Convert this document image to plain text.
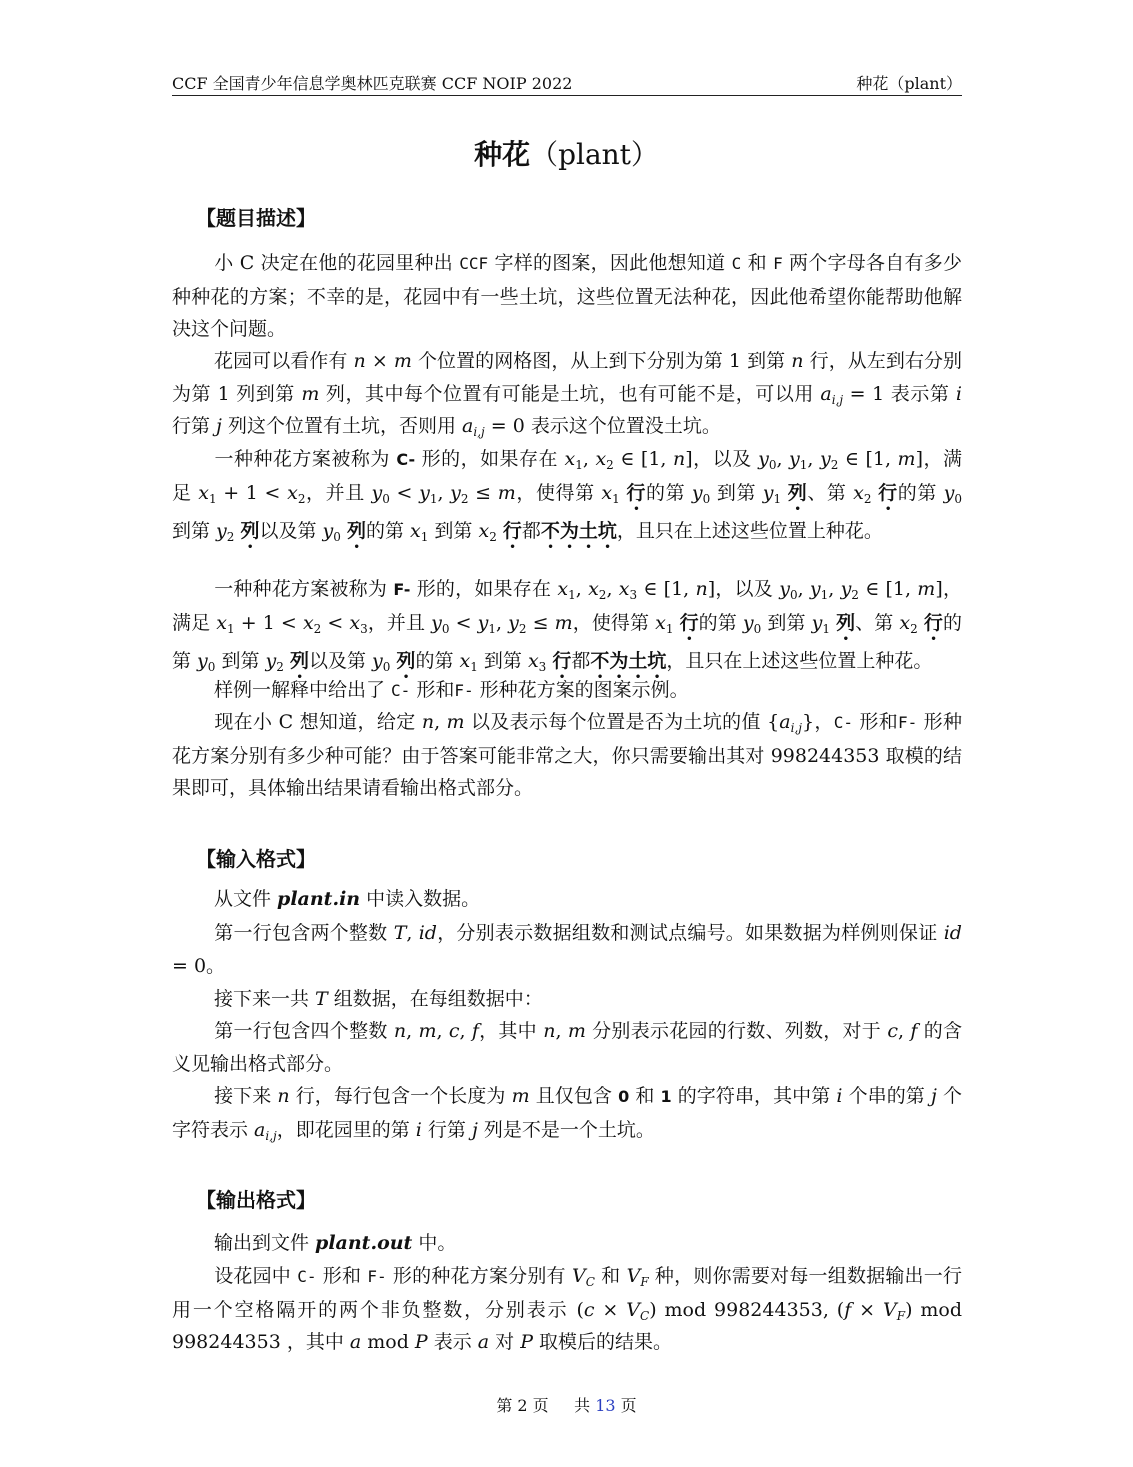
CCF 全国青少年信息学奥林匹克联赛 CCF NOIP 2022	种花（plant）
种花（plant）
【题目描述】
小 C 决定在他的花园里种出 CCF 字样的图案，因此他想知道 C 和 F 两个字母各自有多少种种花的方案；不幸的是，花园中有一些土坑，这些位置无法种花，因此他希望你能帮助他解决这个问题。
花园可以看作有 n × m 个位置的网格图，从上到下分别为第 1 到第 n 行，从左到右分别为第 1 列到第 m 列，其中每个位置有可能是土坑，也有可能不是，可以用 $a_{i,j} = 1$ 表示第 i 行第 j 列这个位置有土坑，否则用 $a_{i,j} = 0$ 表示这个位置没土坑。
一种种花方案被称为 C- 形的，如果存在 $x_1$, $x_2$ ∈ [1, n]，以及 $y_0$, $y_1$, $y_2$ ∈ [1, m]，满足 $x_1 + 1 < x_2$，并且 $y_0 < y_1$, $y_2 \le m$，使得第 $x_1$ 行的第 $y_0$ 到第 $y_1$ 列、第 $x_2$ 行的第 $y_0$ 到第 $y_2$ 列以及第 $y_0$ 列的第 $x_1$ 到第 $x_2$ 行都不为土坑，且只在上述这些位置上种花。
一种种花方案被称为 F- 形的，如果存在 $x_1$, $x_2$, $x_3$ ∈ [1, n]，以及 $y_0$, $y_1$, $y_2$ ∈ [1, m]，满足 $x_1 + 1 < x_2 < x_3$，并且 $y_0 < y_1$, $y_2 \le m$，使得第 $x_1$ 行的第 $y_0$ 到第 $y_1$ 列、第 $x_2$ 行的第 $y_0$ 到第 $y_2$ 列以及第 $y_0$ 列的第 $x_1$ 到第 $x_3$ 行都不为土坑，且只在上述这些位置上种花。
样例一解释中给出了 C- 形和F- 形种花方案的图案示例。
现在小 C 想知道，给定 n, m 以及表示每个位置是否为土坑的值 $\{a_{i,j}\}$，C- 形和F- 形种花方案分别有多少种可能？由于答案可能非常之大，你只需要输出其对 998244353 取模的结果即可，具体输出结果请看输出格式部分。
【输入格式】
从文件 plant.in 中读入数据。
第一行包含两个整数 T, id，分别表示数据组数和测试点编号。如果数据为样例则保证 id = 0。
接下来一共 T 组数据，在每组数据中：
第一行包含四个整数 n, m, c, f，其中 n, m 分别表示花园的行数、列数，对于 c, f 的含义见输出格式部分。
接下来 n 行，每行包含一个长度为 m 且仅包含 0 和 1 的字符串，其中第 i 个串的第 j 个字符表示 $a_{i,j}$，即花园里的第 i 行第 j 列是不是一个土坑。
【输出格式】
输出到文件 plant.out 中。
设花园中 C- 形和 F- 形的种花方案分别有 $V_C$ 和 $V_F$ 种，则你需要对每一组数据输出一行用一个空格隔开的两个非负整数，分别表示 $(c \times V_C)$ mod 998244353, $(f \times V_F)$ mod 998244353 ，其中 a mod P 表示 a 对 P 取模后的结果。
第 2 页 共 13 页
